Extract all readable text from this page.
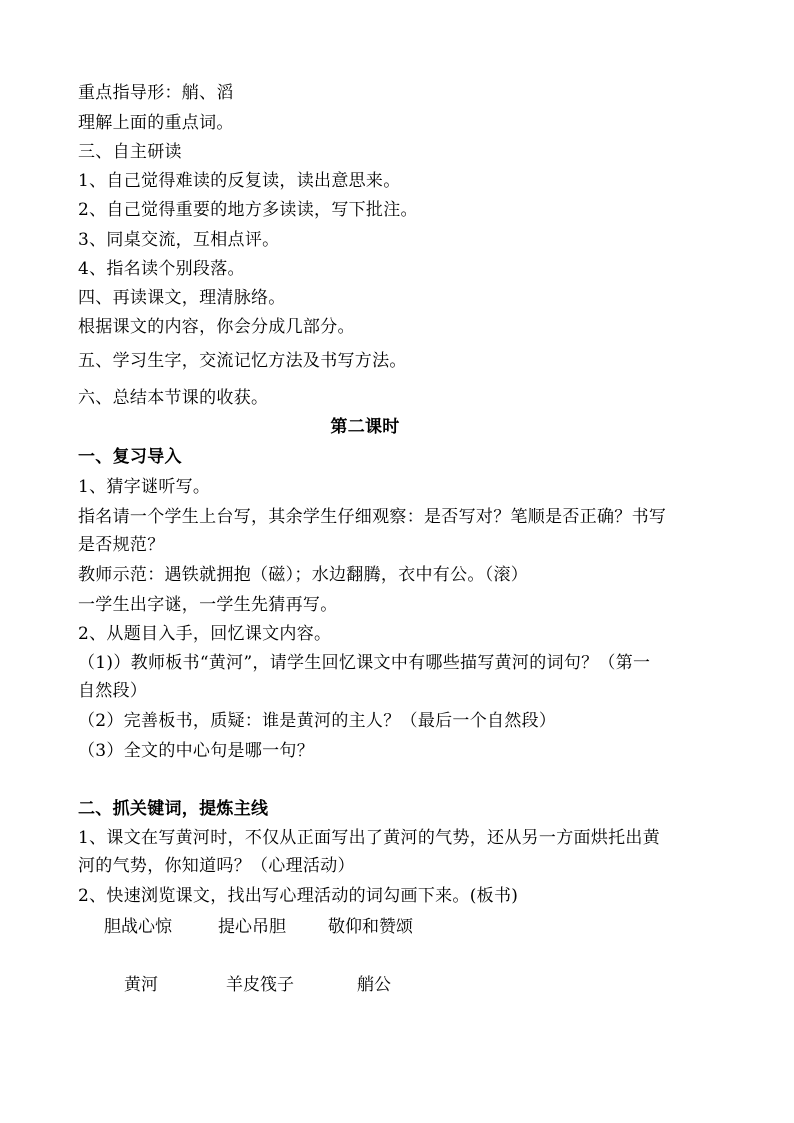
重点指导形：艄、滔
理解上面的重点词。
三、自主研读
1、自己觉得难读的反复读，读出意思来。
2、自己觉得重要的地方多读读，写下批注。
3、同桌交流，互相点评。
4、指名读个别段落。
四、再读课文，理清脉络。
根据课文的内容，你会分成几部分。
五、学习生字，交流记忆方法及书写方法。
六、总结本节课的收获。
第二课时
一、复习导入
1、猜字谜听写。
指名请一个学生上台写，其余学生仔细观察：是否写对？笔顺是否正确？书写
是否规范？
教师示范：遇铁就拥抱（磁）；水边翻腾，衣中有公。（滚）
一学生出字谜，一学生先猜再写。
2、从题目入手，回忆课文内容。
（1)）教师板书“黄河”，请学生回忆课文中有哪些描写黄河的词句？（第一
自然段）
（2）完善板书，质疑：谁是黄河的主人？（最后一个自然段）
（3）全文的中心句是哪一句？
二、抓关键词，提炼主线
1、课文在写黄河时，不仅从正面写出了黄河的气势，还从另一方面烘托出黄
河的气势，你知道吗？（心理活动）
2、快速浏览课文，找出写心理活动的词勾画下来。(板书)
胆战心惊	提心吊胆 敬仰和赞颂
黄河	羊皮筏子	艄公
